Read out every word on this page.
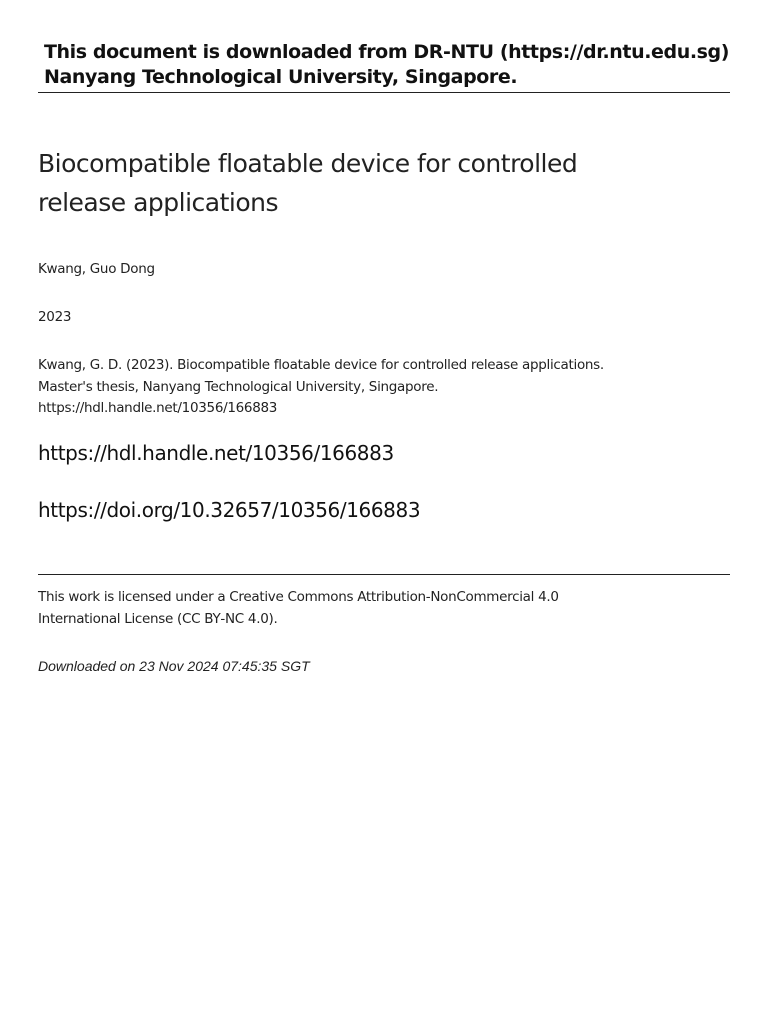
This document is downloaded from DR‑NTU (https://dr.ntu.edu.sg)
Nanyang Technological University, Singapore.
Biocompatible floatable device for controlled
release applications
Kwang, Guo Dong
2023
Kwang, G. D. (2023). Biocompatible floatable device for controlled release applications.
Master's thesis, Nanyang Technological University, Singapore.
https://hdl.handle.net/10356/166883
https://hdl.handle.net/10356/166883
https://doi.org/10.32657/10356/166883
This work is licensed under a Creative Commons Attribution‑NonCommercial 4.0
International License (CC BY‑NC 4.0).
Downloaded on 23 Nov 2024 07:45:35 SGT
